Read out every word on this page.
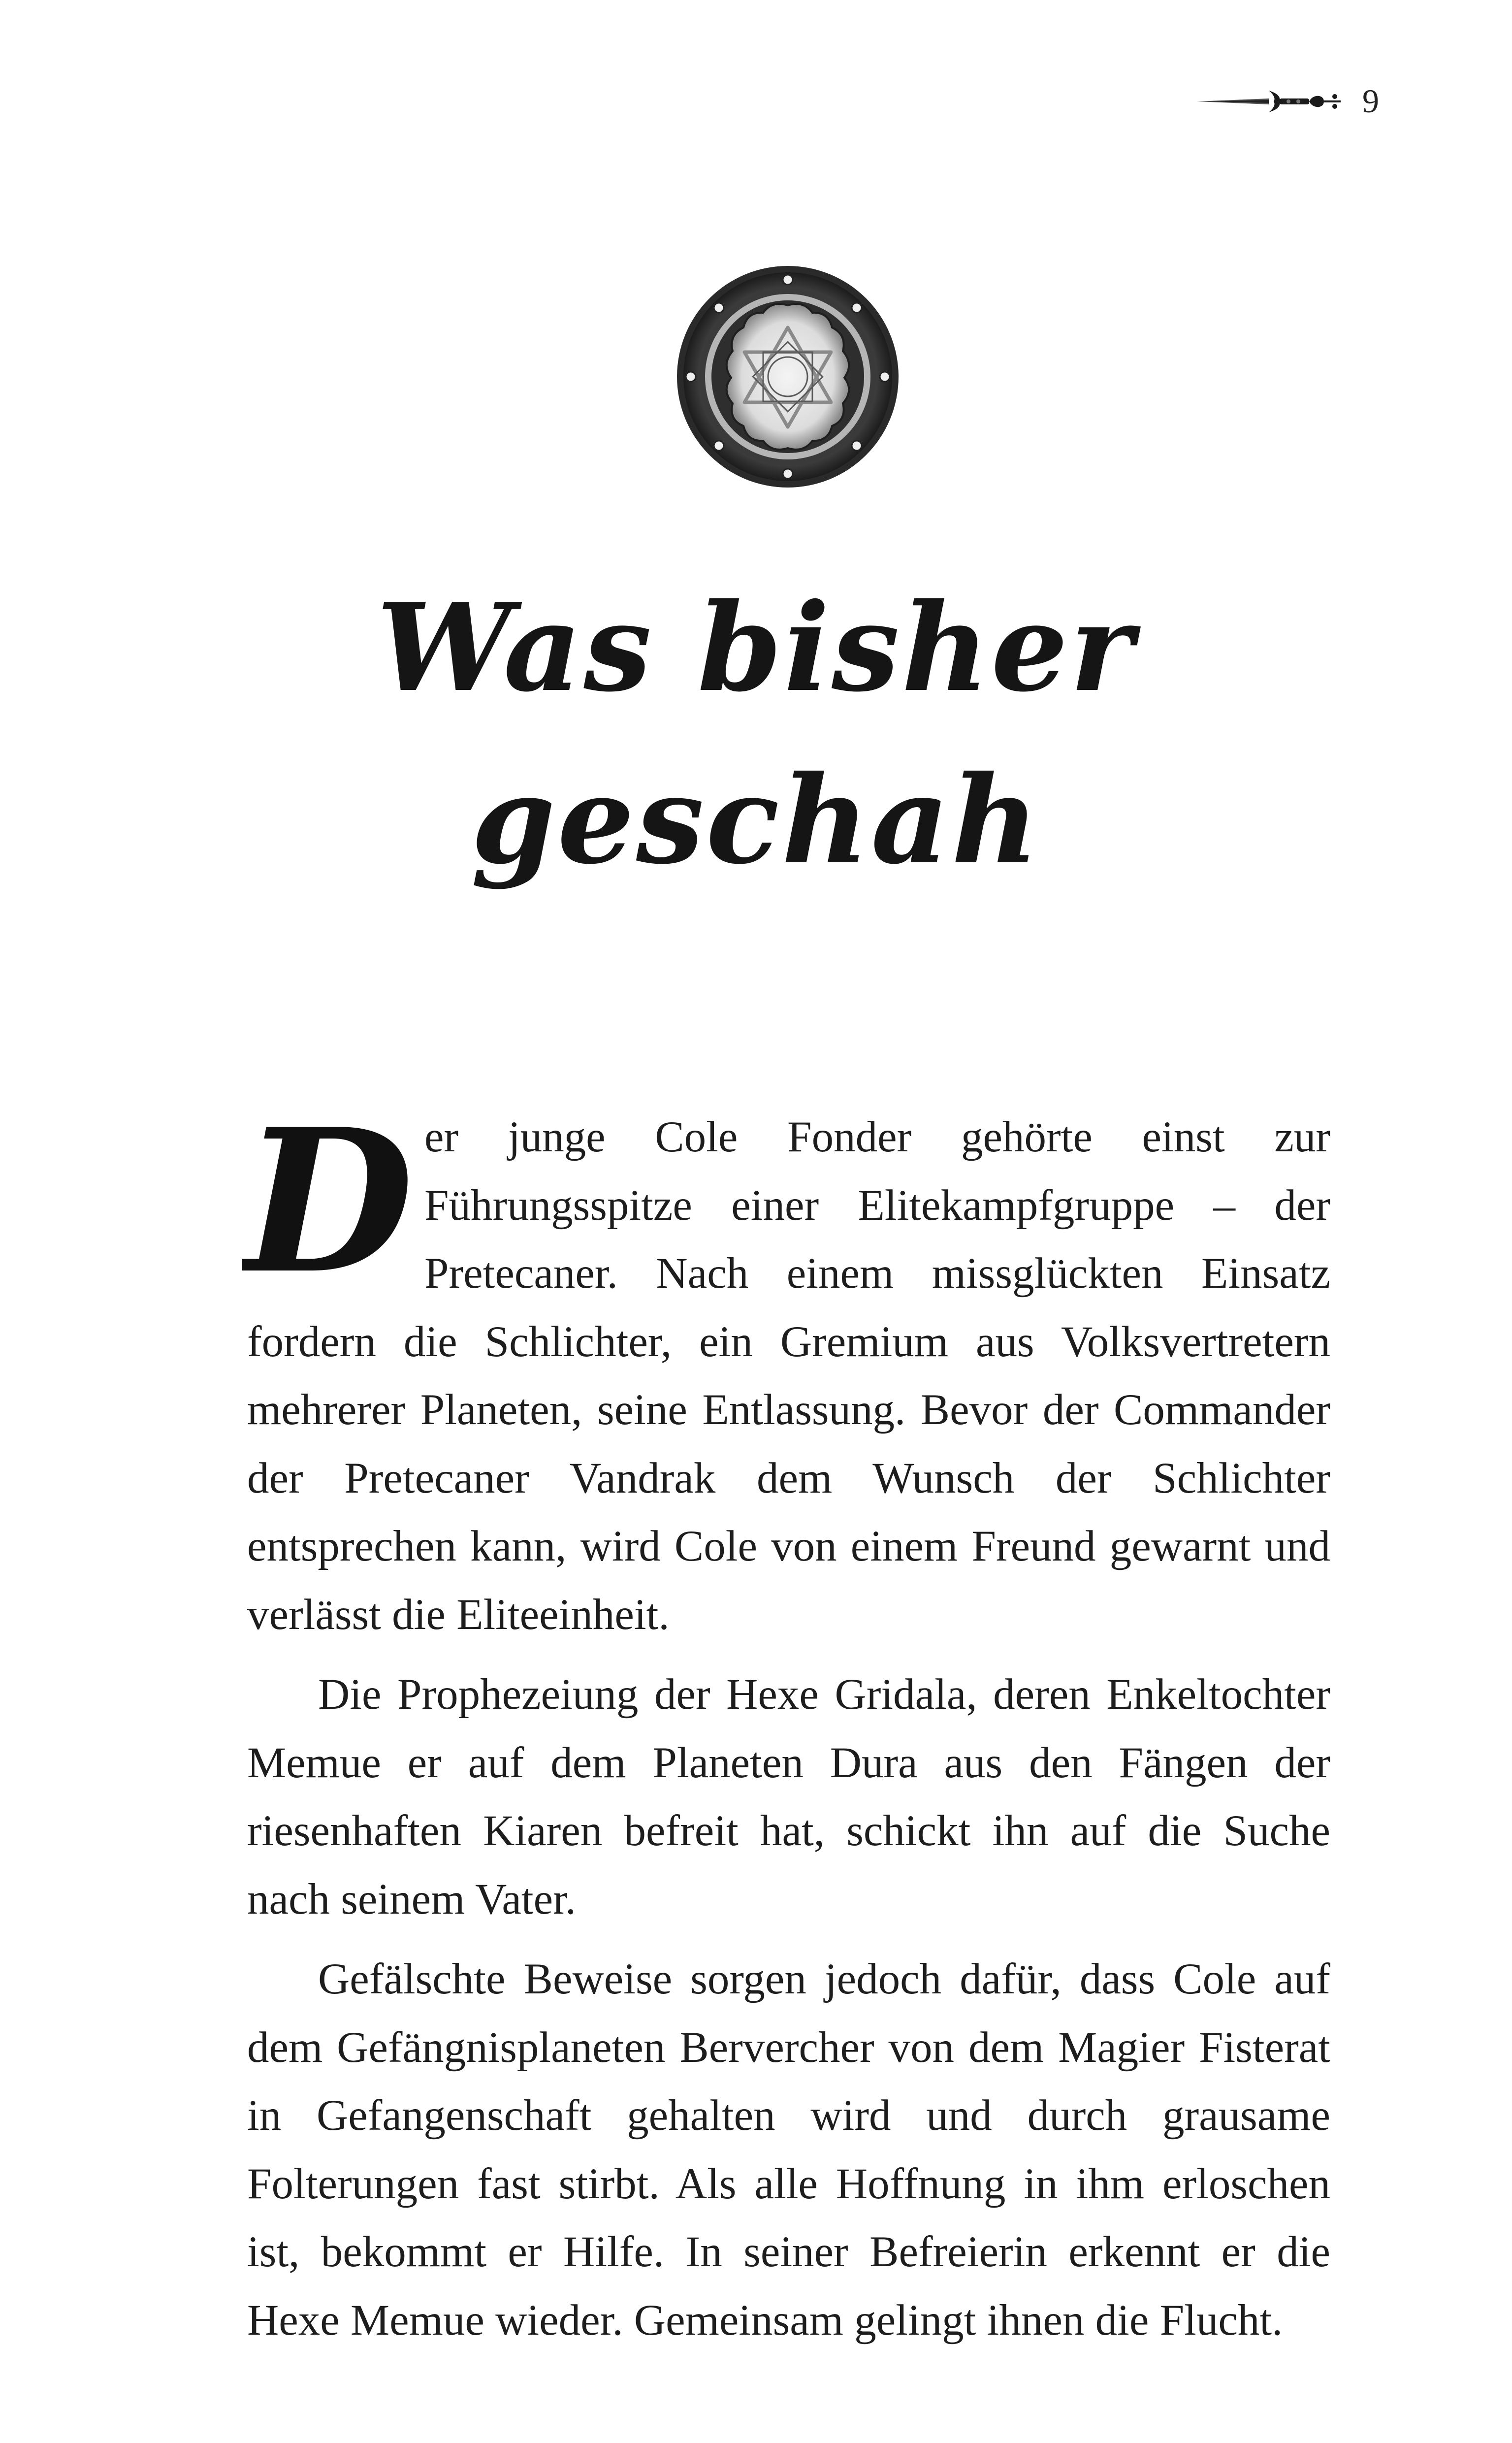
9
Was bisher
geschah

D er junge Cole Fonder gehörte einst zur Führungsspitze einer Elitekampfgruppe – der Pretecaner. Nach einem missglückten Einsatz fordern die Schlichter, ein Gremium aus Volksvertretern mehrerer Planeten, seine Entlassung. Bevor der Commander der Pretecaner Vandrak dem Wunsch der Schlichter entsprechen kann, wird Cole von einem Freund gewarnt und verlässt die Eliteeinheit.

Die Prophezeiung der Hexe Gridala, deren Enkeltochter Memue er auf dem Planeten Dura aus den Fängen der riesenhaften Kiaren befreit hat, schickt ihn auf die Suche nach seinem Vater.

Gefälschte Beweise sorgen jedoch dafür, dass Cole auf dem Gefängnisplaneten Bervercher von dem Magier Fisterat in Gefangenschaft gehalten wird und durch grausame Folterungen fast stirbt. Als alle Hoffnung in ihm erloschen ist, bekommt er Hilfe. In seiner Befreierin erkennt er die Hexe Memue wieder. Gemeinsam gelingt ihnen die Flucht.
